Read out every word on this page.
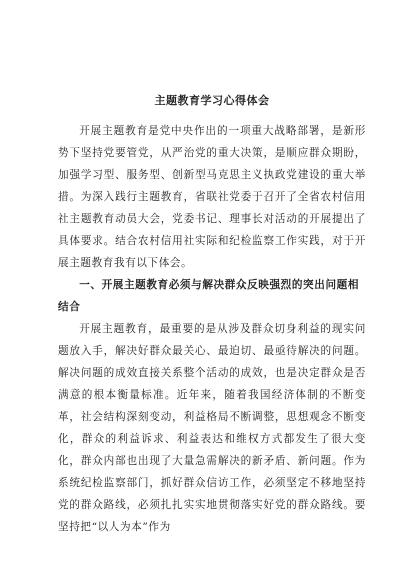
主题教育学习心得体会

开展主题教育是党中央作出的一项重大战略部署，是新形势下坚持党要管党，从严治党的重大决策，是顺应群众期盼，加强学习型、服务型、创新型马克思主义执政党建设的重大举措。为深入践行主题教育，省联社党委于召开了全省农村信用社主题教育动员大会，党委书记、理事长对活动的开展提出了具体要求。结合农村信用社实际和纪检监察工作实践，对于开展主题教育我有以下体会。

一、开展主题教育必须与解决群众反映强烈的突出问题相结合

开展主题教育，最重要的是从涉及群众切身利益的现实问题放入手，解决好群众最关心、最迫切、最亟待解决的问题。解决问题的成效直接关系整个活动的成效，也是决定群众是否满意的根本衡量标准。近年来，随着我国经济体制的不断变革，社会结构深刻变动，利益格局不断调整，思想观念不断变化，群众的利益诉求、利益表达和维权方式都发生了很大变化，群众内部也出现了大量急需解决的新矛盾、新问题。作为系统纪检监察部门，抓好群众信访工作，必须坚定不移地坚持党的群众路线，必须扎扎实实地贯彻落实好党的群众路线。要坚持把“以人为本”作为
